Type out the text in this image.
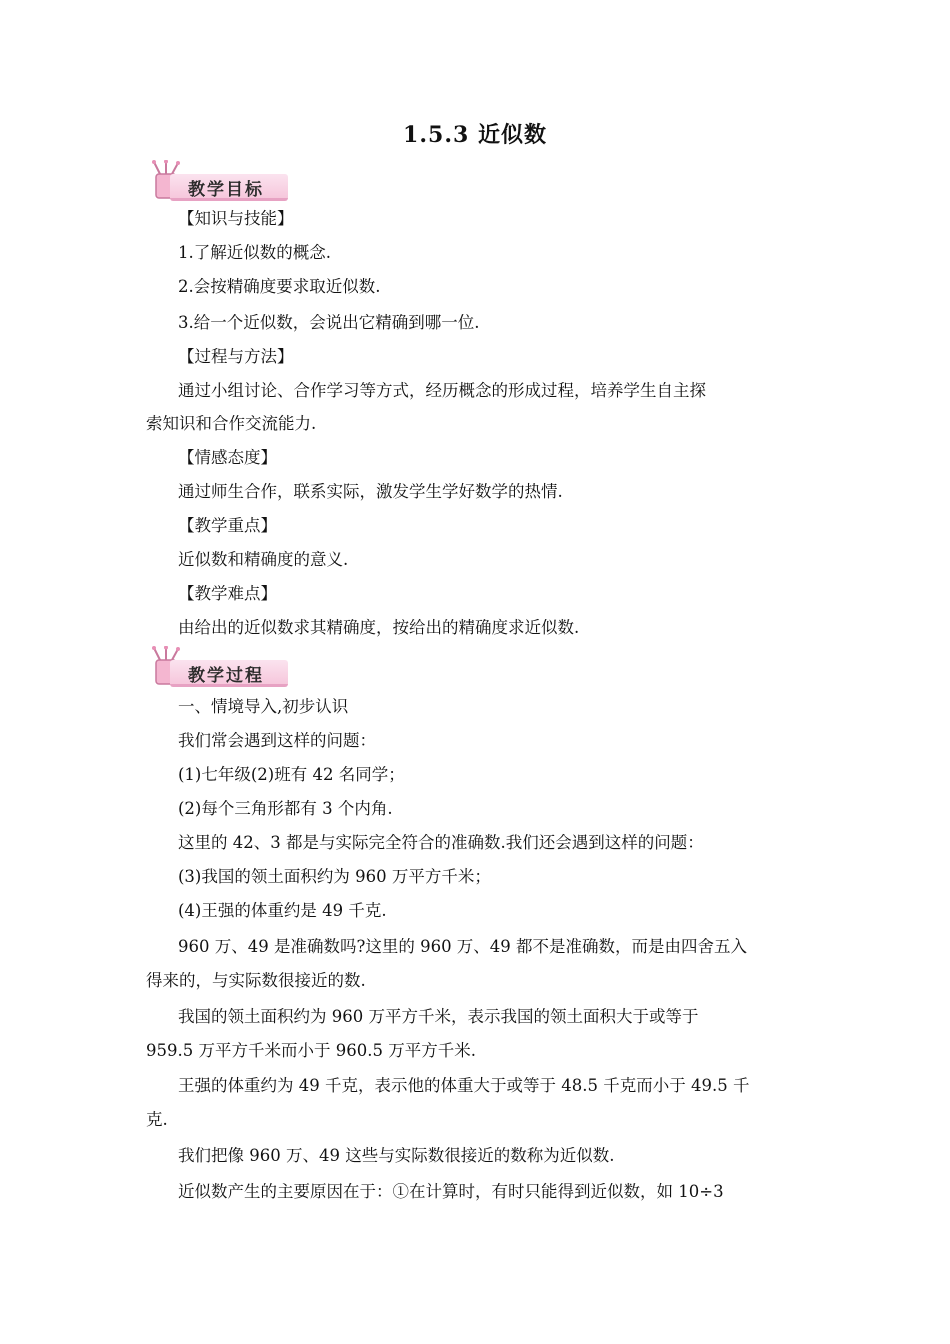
1.5.3 近似数
教学目标
【知识与技能】
1.了解近似数的概念.
2.会按精确度要求取近似数.
3.给一个近似数，会说出它精确到哪一位.
【过程与方法】
通过小组讨论、合作学习等方式，经历概念的形成过程，培养学生自主探
索知识和合作交流能力.
【情感态度】
通过师生合作，联系实际，激发学生学好数学的热情.
【教学重点】
近似数和精确度的意义.
【教学难点】
由给出的近似数求其精确度，按给出的精确度求近似数.
教学过程
一、情境导入,初步认识
我们常会遇到这样的问题：
(1)七年级(2)班有 42 名同学；
(2)每个三角形都有 3 个内角.
这里的 42、3 都是与实际完全符合的准确数.我们还会遇到这样的问题：
(3)我国的领土面积约为 960 万平方千米；
(4)王强的体重约是 49 千克.
960 万、49 是准确数吗?这里的 960 万、49 都不是准确数，而是由四舍五入
得来的，与实际数很接近的数.
我国的领土面积约为 960 万平方千米，表示我国的领土面积大于或等于
959.5 万平方千米而小于 960.5 万平方千米.
王强的体重约为 49 千克，表示他的体重大于或等于 48.5 千克而小于 49.5 千
克.
我们把像 960 万、49 这些与实际数很接近的数称为近似数.
近似数产生的主要原因在于：①在计算时，有时只能得到近似数，如 10÷3
